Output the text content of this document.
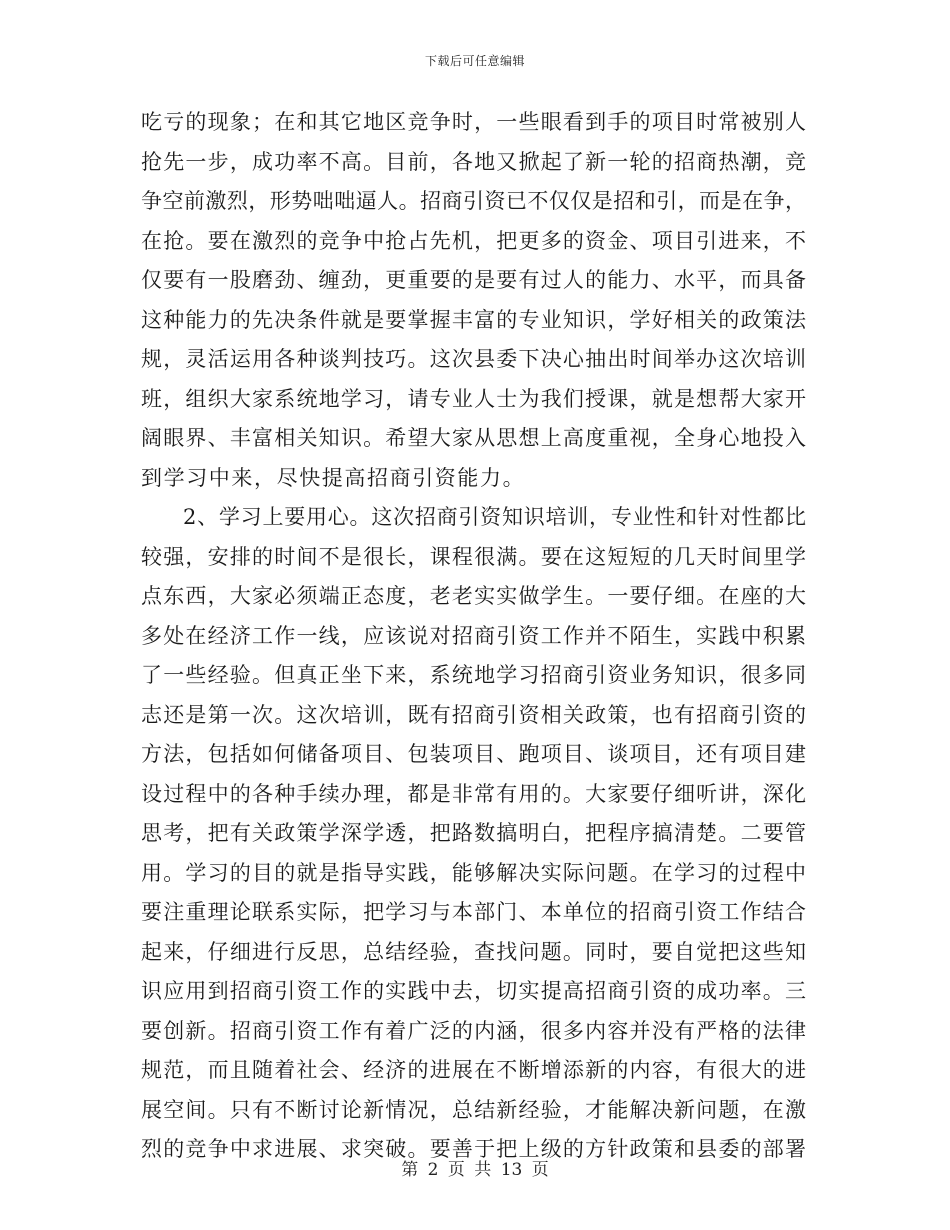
下载后可任意编辑
吃亏的现象；在和其它地区竞争时，一些眼看到手的项目时常被别人
抢先一步，成功率不高。目前，各地又掀起了新一轮的招商热潮，竞
争空前激烈，形势咄咄逼人。招商引资已不仅仅是招和引，而是在争，
在抢。要在激烈的竞争中抢占先机，把更多的资金、项目引进来，不
仅要有一股磨劲、缠劲，更重要的是要有过人的能力、水平，而具备
这种能力的先决条件就是要掌握丰富的专业知识，学好相关的政策法
规，灵活运用各种谈判技巧。这次县委下决心抽出时间举办这次培训
班，组织大家系统地学习，请专业人士为我们授课，就是想帮大家开
阔眼界、丰富相关知识。希望大家从思想上高度重视，全身心地投入
到学习中来，尽快提高招商引资能力。
2、学习上要用心。这次招商引资知识培训，专业性和针对性都比
较强，安排的时间不是很长，课程很满。要在这短短的几天时间里学
点东西，大家必须端正态度，老老实实做学生。一要仔细。在座的大
多处在经济工作一线，应该说对招商引资工作并不陌生，实践中积累
了一些经验。但真正坐下来，系统地学习招商引资业务知识，很多同
志还是第一次。这次培训，既有招商引资相关政策，也有招商引资的
方法，包括如何储备项目、包装项目、跑项目、谈项目，还有项目建
设过程中的各种手续办理，都是非常有用的。大家要仔细听讲，深化
思考，把有关政策学深学透，把路数搞明白，把程序搞清楚。二要管
用。学习的目的就是指导实践，能够解决实际问题。在学习的过程中
要注重理论联系实际，把学习与本部门、本单位的招商引资工作结合
起来，仔细进行反思，总结经验，查找问题。同时，要自觉把这些知
识应用到招商引资工作的实践中去，切实提高招商引资的成功率。三
要创新。招商引资工作有着广泛的内涵，很多内容并没有严格的法律
规范，而且随着社会、经济的进展在不断增添新的内容，有很大的进
展空间。只有不断讨论新情况，总结新经验，才能解决新问题，在激
烈的竞争中求进展、求突破。要善于把上级的方针政策和县委的部署
第 2 页 共 13 页
